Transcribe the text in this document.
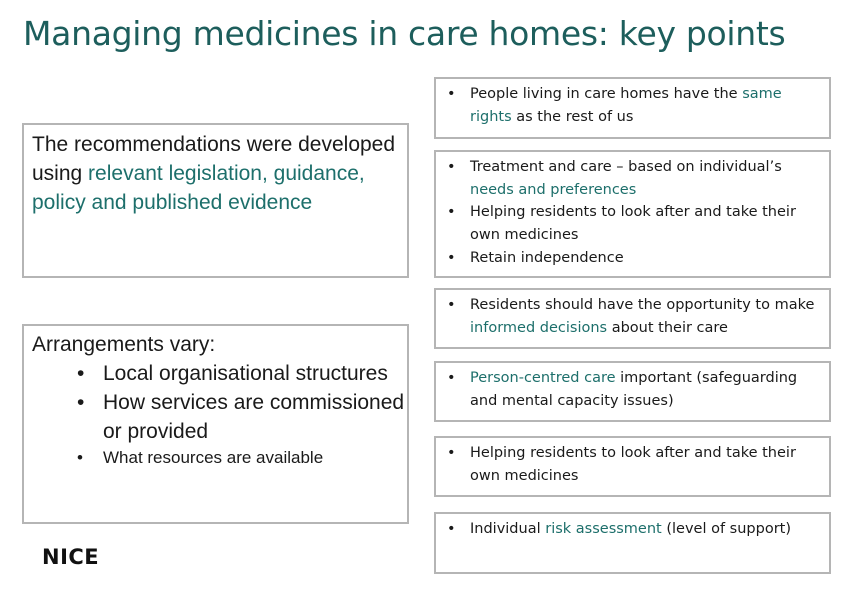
Managing medicines in care homes: key points
The recommendations were developed using relevant legislation, guidance, policy and published evidence
Arrangements vary:
• Local organisational structures
• How services are commissioned or provided
• What resources are available
• People living in care homes have the same rights as the rest of us
• Treatment and care – based on individual’s needs and preferences
• Helping residents to look after and take their own medicines
• Retain independence
• Residents should have the opportunity to make informed decisions about their care
• Person-centred care important (safeguarding and mental capacity issues)
• Helping residents to look after and take their own medicines
• Individual risk assessment (level of support)
NICE
